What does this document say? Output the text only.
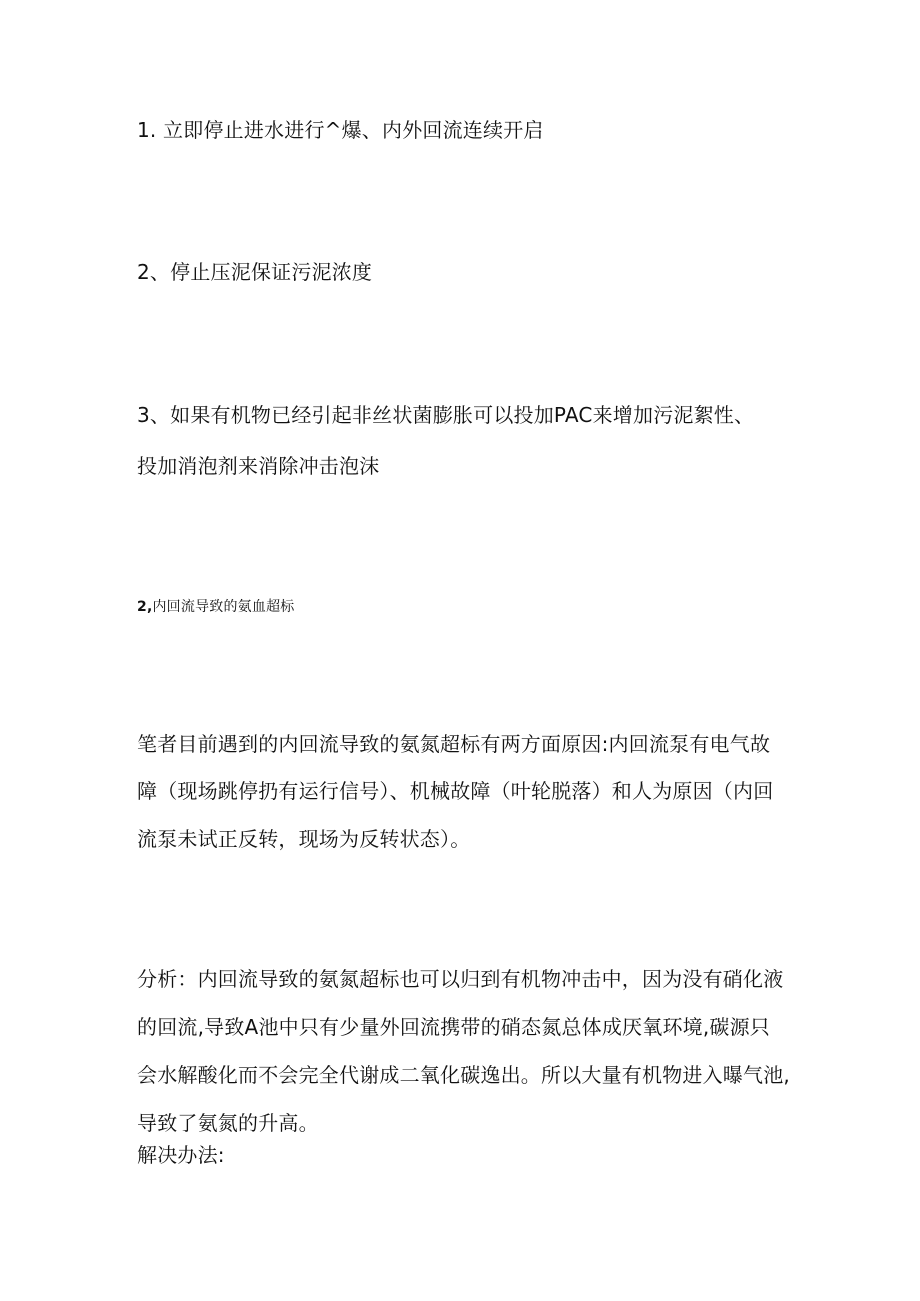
1. 立即停止进水进行^爆、内外回流连续开启
2、停止压泥保证污泥浓度
3、如果有机物已经引起非丝状菌膨胀可以投加PAC来增加污泥絮性、
投加消泡剂来消除冲击泡沫
2,内回流导致的氨血超标
笔者目前遇到的内回流导致的氨氮超标有两方面原因:内回流泵有电气故
障（现场跳停扔有运行信号）、机械故障（叶轮脱落）和人为原因（内回
流泵未试正反转，现场为反转状态）。
分析：内回流导致的氨氮超标也可以归到有机物冲击中，因为没有硝化液
的回流,导致A池中只有少量外回流携带的硝态氮总体成厌氧环境,碳源只
会水解酸化而不会完全代谢成二氧化碳逸出。所以大量有机物进入曝气池,
导致了氨氮的升高。
解决办法:
